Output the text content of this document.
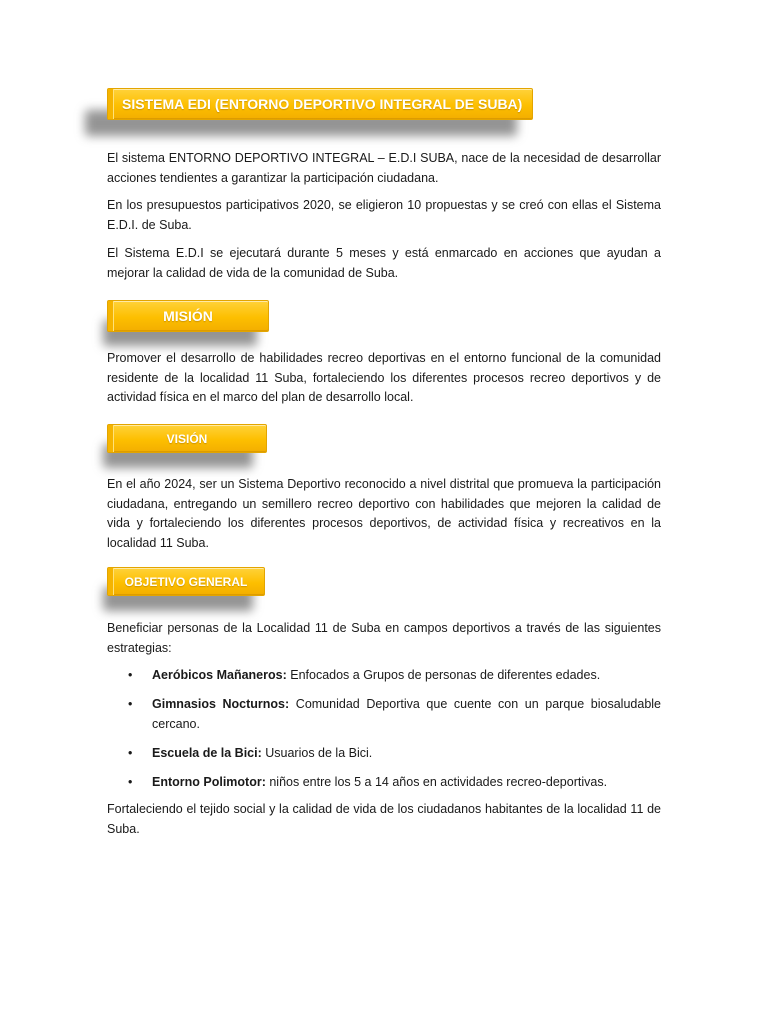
SISTEMA EDI (ENTORNO DEPORTIVO INTEGRAL DE SUBA)

El sistema ENTORNO DEPORTIVO INTEGRAL – E.D.I SUBA, nace de la necesidad de desarrollar acciones tendientes a garantizar la participación ciudadana.

En los presupuestos participativos 2020, se eligieron 10 propuestas y se creó con ellas el Sistema E.D.I. de Suba.

El Sistema E.D.I se ejecutará durante 5 meses y está enmarcado en acciones que ayudan a mejorar la calidad de vida de la comunidad de Suba.

MISIÓN

Promover el desarrollo de habilidades recreo deportivas en el entorno funcional de la comunidad residente de la localidad 11 Suba, fortaleciendo los diferentes procesos recreo deportivos y de actividad física en el marco del plan de desarrollo local.

VISIÓN

En el año 2024, ser un Sistema Deportivo reconocido a nivel distrital que promueva la participación ciudadana, entregando un semillero recreo deportivo con habilidades que mejoren la calidad de vida y fortaleciendo los diferentes procesos deportivos, de actividad física y recreativos en la localidad 11 Suba.

OBJETIVO GENERAL

Beneficiar personas de la Localidad 11 de Suba en campos deportivos a través de las siguientes estrategias:

• Aeróbicos Mañaneros: Enfocados a Grupos de personas de diferentes edades.
• Gimnasios Nocturnos: Comunidad Deportiva que cuente con un parque biosaludable cercano.
• Escuela de la Bici: Usuarios de la Bici.
• Entorno Polimotor: niños entre los 5 a 14 años en actividades recreo-deportivas.

Fortaleciendo el tejido social y la calidad de vida de los ciudadanos habitantes de la localidad 11 de Suba.
